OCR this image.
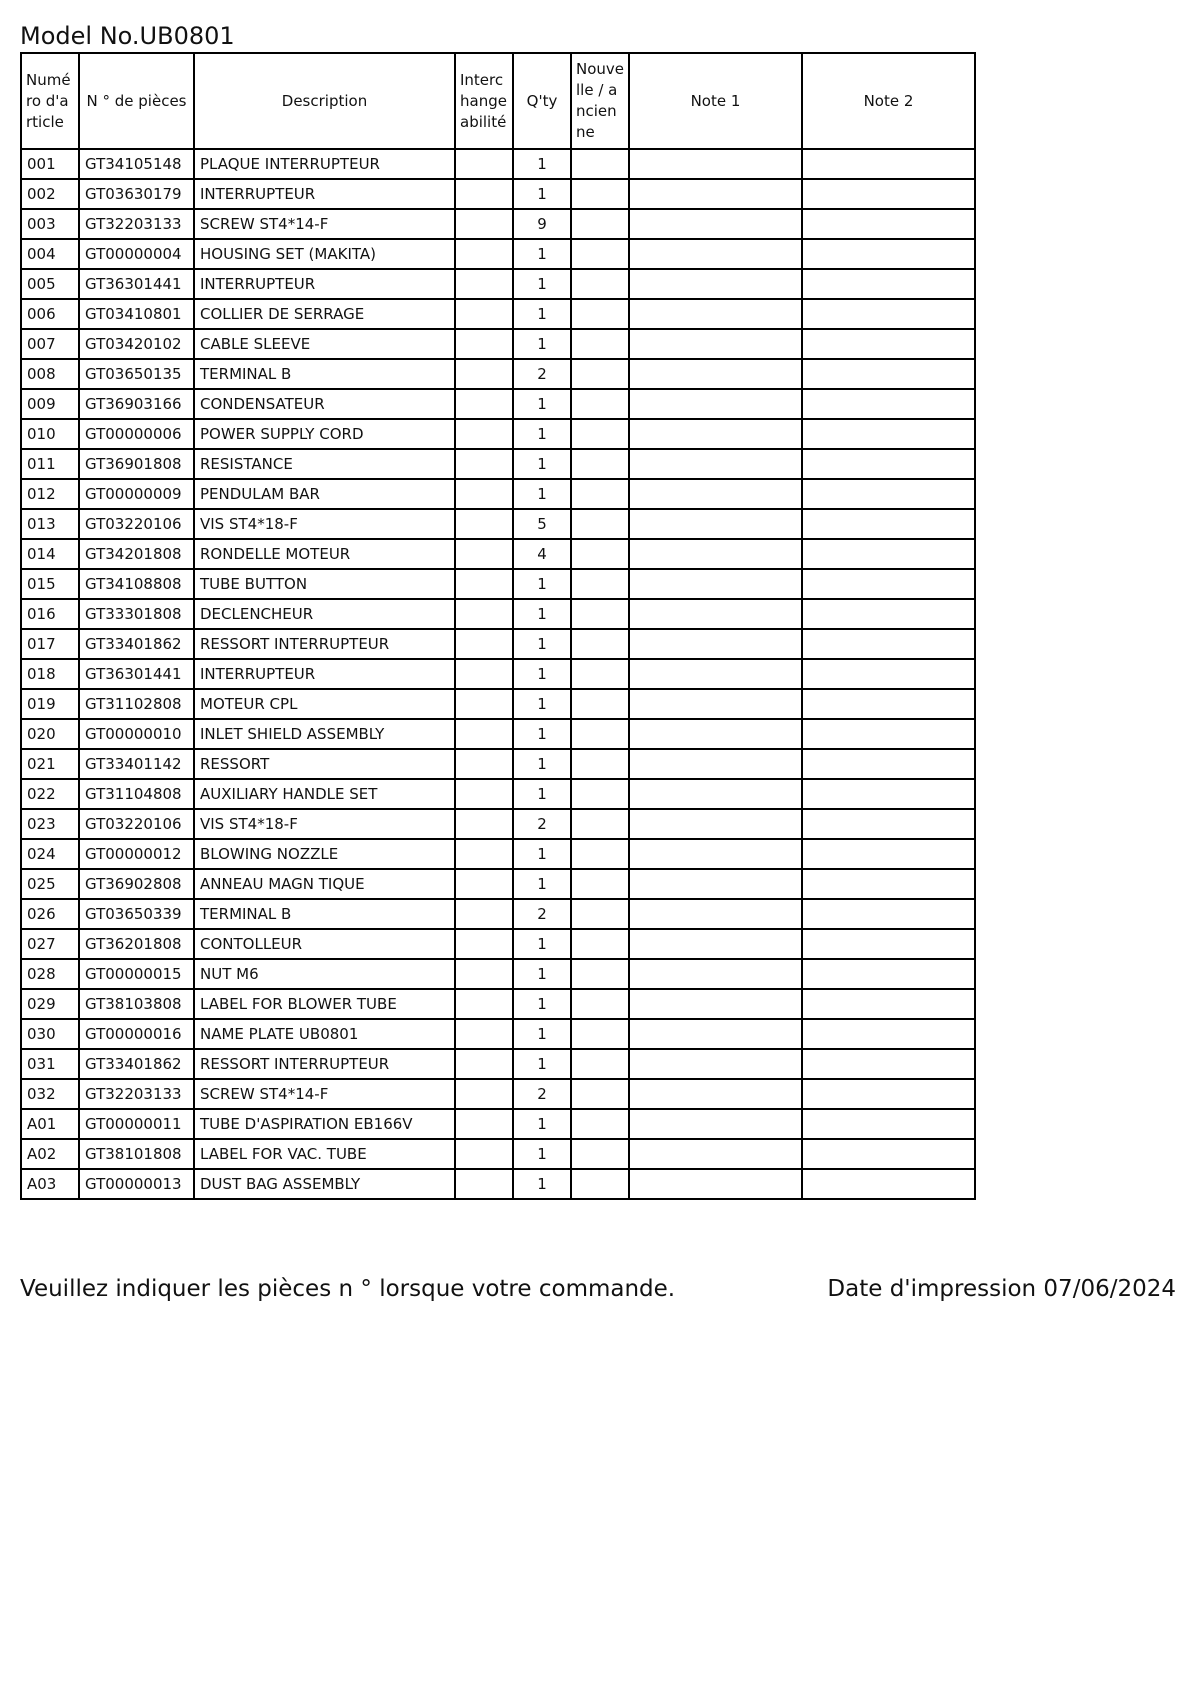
Model No.UB0801
Numéro d'article	N ° de pièces	Description	Interchangeabilité	Q'ty	Nouvelle / ancienne	Note 1	Note 2
001	GT34105148	PLAQUE INTERRUPTEUR		1			
002	GT03630179	INTERRUPTEUR		1			
003	GT32203133	SCREW ST4*14-F		9			
004	GT00000004	HOUSING SET (MAKITA)		1			
005	GT36301441	INTERRUPTEUR		1			
006	GT03410801	COLLIER DE SERRAGE		1			
007	GT03420102	CABLE SLEEVE		1			
008	GT03650135	TERMINAL B		2			
009	GT36903166	CONDENSATEUR		1			
010	GT00000006	POWER SUPPLY CORD		1			
011	GT36901808	RESISTANCE		1			
012	GT00000009	PENDULAM BAR		1			
013	GT03220106	VIS ST4*18-F		5			
014	GT34201808	RONDELLE MOTEUR		4			
015	GT34108808	TUBE BUTTON		1			
016	GT33301808	DECLENCHEUR		1			
017	GT33401862	RESSORT INTERRUPTEUR		1			
018	GT36301441	INTERRUPTEUR		1			
019	GT31102808	MOTEUR CPL		1			
020	GT00000010	INLET SHIELD ASSEMBLY		1			
021	GT33401142	RESSORT		1			
022	GT31104808	AUXILIARY HANDLE SET		1			
023	GT03220106	VIS ST4*18-F		2			
024	GT00000012	BLOWING NOZZLE		1			
025	GT36902808	ANNEAU MAGN TIQUE		1			
026	GT03650339	TERMINAL B		2			
027	GT36201808	CONTOLLEUR		1			
028	GT00000015	NUT M6		1			
029	GT38103808	LABEL FOR BLOWER TUBE		1			
030	GT00000016	NAME PLATE UB0801		1			
031	GT33401862	RESSORT INTERRUPTEUR		1			
032	GT32203133	SCREW ST4*14-F		2			
A01	GT00000011	TUBE D'ASPIRATION EB166V		1			
A02	GT38101808	LABEL FOR VAC. TUBE		1			
A03	GT00000013	DUST BAG ASSEMBLY		1			

Veuillez indiquer les pièces n ° lorsque votre commande.	Date d'impression 07/06/2024
